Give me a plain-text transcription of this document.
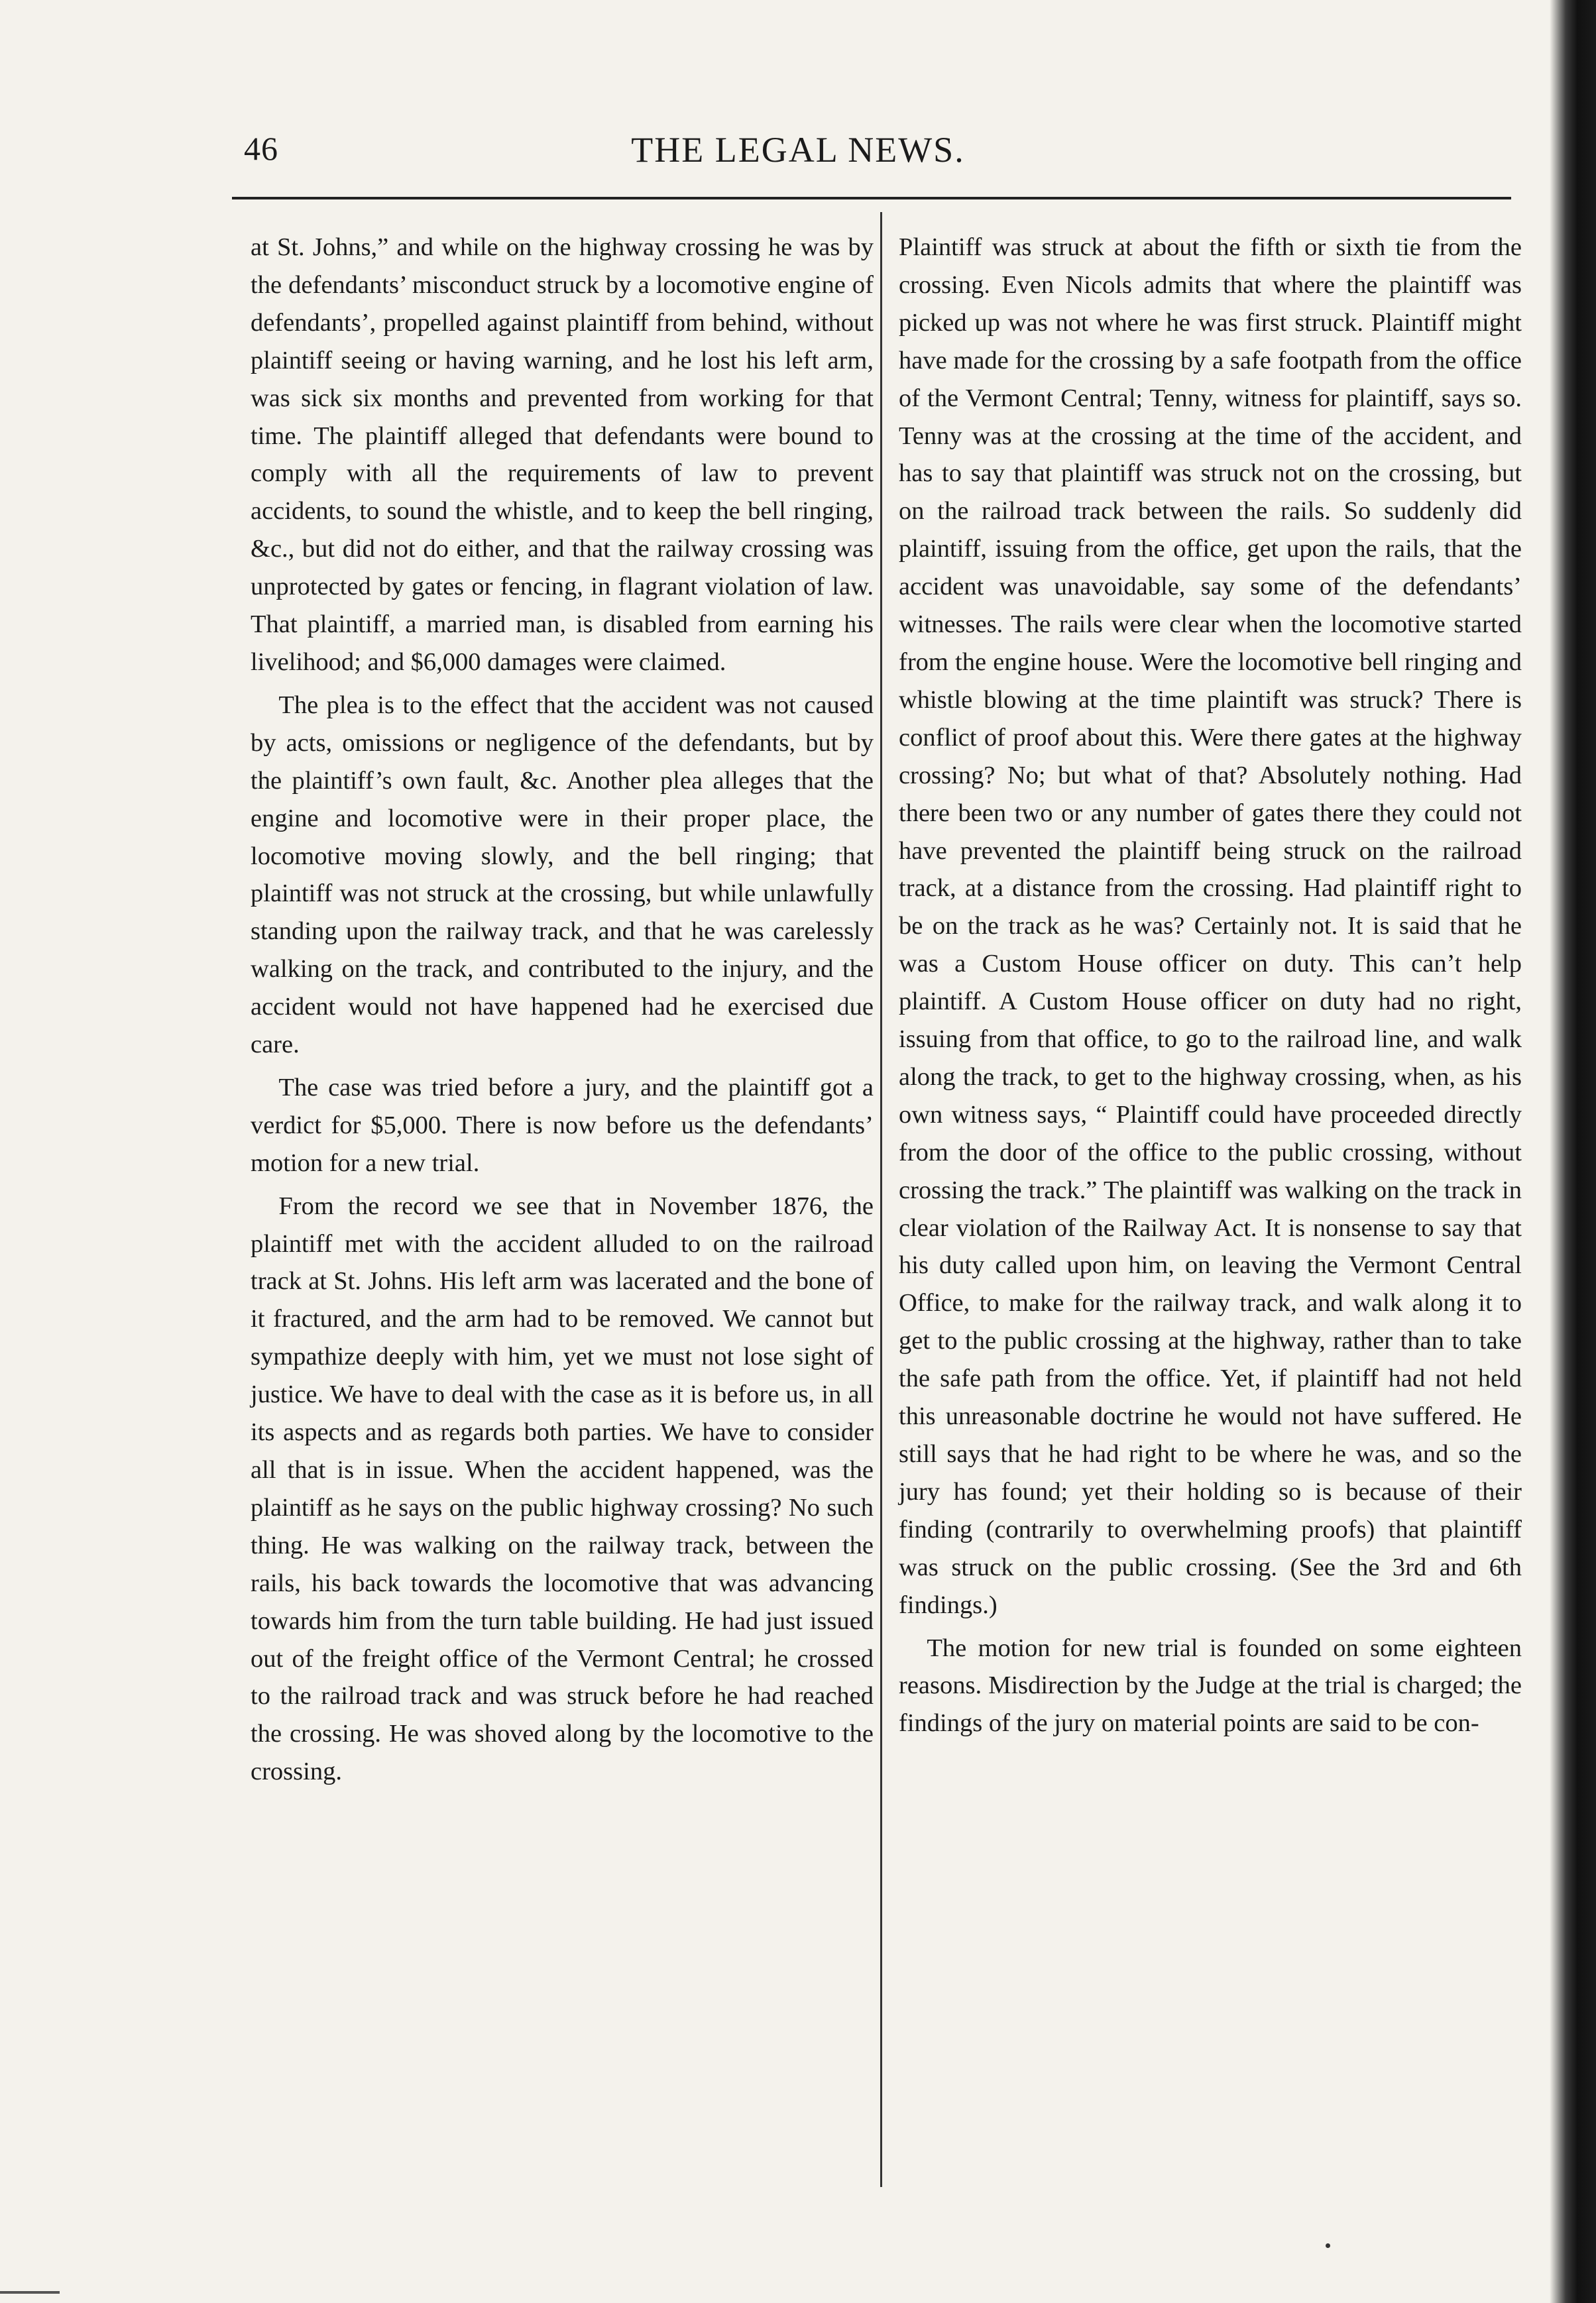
46	THE LEGAL NEWS.

at St. Johns,” and while on the highway crossing he was by the defendants’ misconduct struck by a locomotive engine of defendants’, propelled against plaintiff from behind, without plaintiff seeing or having warning, and he lost his left arm, was sick six months and prevented from working for that time. The plaintiff alleged that defendants were bound to comply with all the requirements of law to prevent accidents, to sound the whistle, and to keep the bell ringing, &c., but did not do either, and that the railway crossing was unprotected by gates or fencing, in flagrant violation of law. That plaintiff, a married man, is disabled from earning his livelihood; and $6,000 damages were claimed.

The plea is to the effect that the accident was not caused by acts, omissions or negligence of the defendants, but by the plaintiff’s own fault, &c. Another plea alleges that the engine and locomotive were in their proper place, the locomotive moving slowly, and the bell ringing; that plaintiff was not struck at the crossing, but while unlawfully standing upon the railway track, and that he was carelessly walking on the track, and contributed to the injury, and the accident would not have happened had he exercised due care.

The case was tried before a jury, and the plaintiff got a verdict for $5,000. There is now before us the defendants’ motion for a new trial.

From the record we see that in November 1876, the plaintiff met with the accident alluded to on the railroad track at St. Johns. His left arm was lacerated and the bone of it fractured, and the arm had to be removed. We cannot but sympathize deeply with him, yet we must not lose sight of justice. We have to deal with the case as it is before us, in all its aspects and as regards both parties. We have to consider all that is in issue. When the accident happened, was the plaintiff as he says on the public highway crossing? No such thing. He was walking on the railway track, between the rails, his back towards the locomotive that was advancing towards him from the turn table building. He had just issued out of the freight office of the Vermont Central; he crossed to the railroad track and was struck before he had reached the crossing. He was shoved along by the locomotive to the crossing.

Plaintiff was struck at about the fifth or sixth tie from the crossing. Even Nicols admits that where the plaintiff was picked up was not where he was first struck. Plaintiff might have made for the crossing by a safe footpath from the office of the Vermont Central; Tenny, witness for plaintiff, says so. Tenny was at the crossing at the time of the accident, and has to say that plaintiff was struck not on the crossing, but on the railroad track between the rails. So suddenly did plaintiff, issuing from the office, get upon the rails, that the accident was unavoidable, say some of the defendants’ witnesses. The rails were clear when the locomotive started from the engine house. Were the locomotive bell ringing and whistle blowing at the time plaintift was struck? There is conflict of proof about this. Were there gates at the highway crossing? No; but what of that? Absolutely nothing. Had there been two or any number of gates there they could not have prevented the plaintiff being struck on the railroad track, at a distance from the crossing. Had plaintiff right to be on the track as he was? Certainly not. It is said that he was a Custom House officer on duty. This can’t help plaintiff. A Custom House officer on duty had no right, issuing from that office, to go to the railroad line, and walk along the track, to get to the highway crossing, when, as his own witness says, “ Plaintiff could have proceeded directly from the door of the office to the public crossing, without crossing the track.” The plaintiff was walking on the track in clear violation of the Railway Act. It is nonsense to say that his duty called upon him, on leaving the Vermont Central Office, to make for the railway track, and walk along it to get to the public crossing at the highway, rather than to take the safe path from the office. Yet, if plaintiff had not held this unreasonable doctrine he would not have suffered. He still says that he had right to be where he was, and so the jury has found; yet their holding so is because of their finding (contrarily to overwhelming proofs) that plaintiff was struck on the public crossing. (See the 3rd and 6th findings.)

The motion for new trial is founded on some eighteen reasons. Misdirection by the Judge at the trial is charged; the findings of the jury on material points are said to be con-
